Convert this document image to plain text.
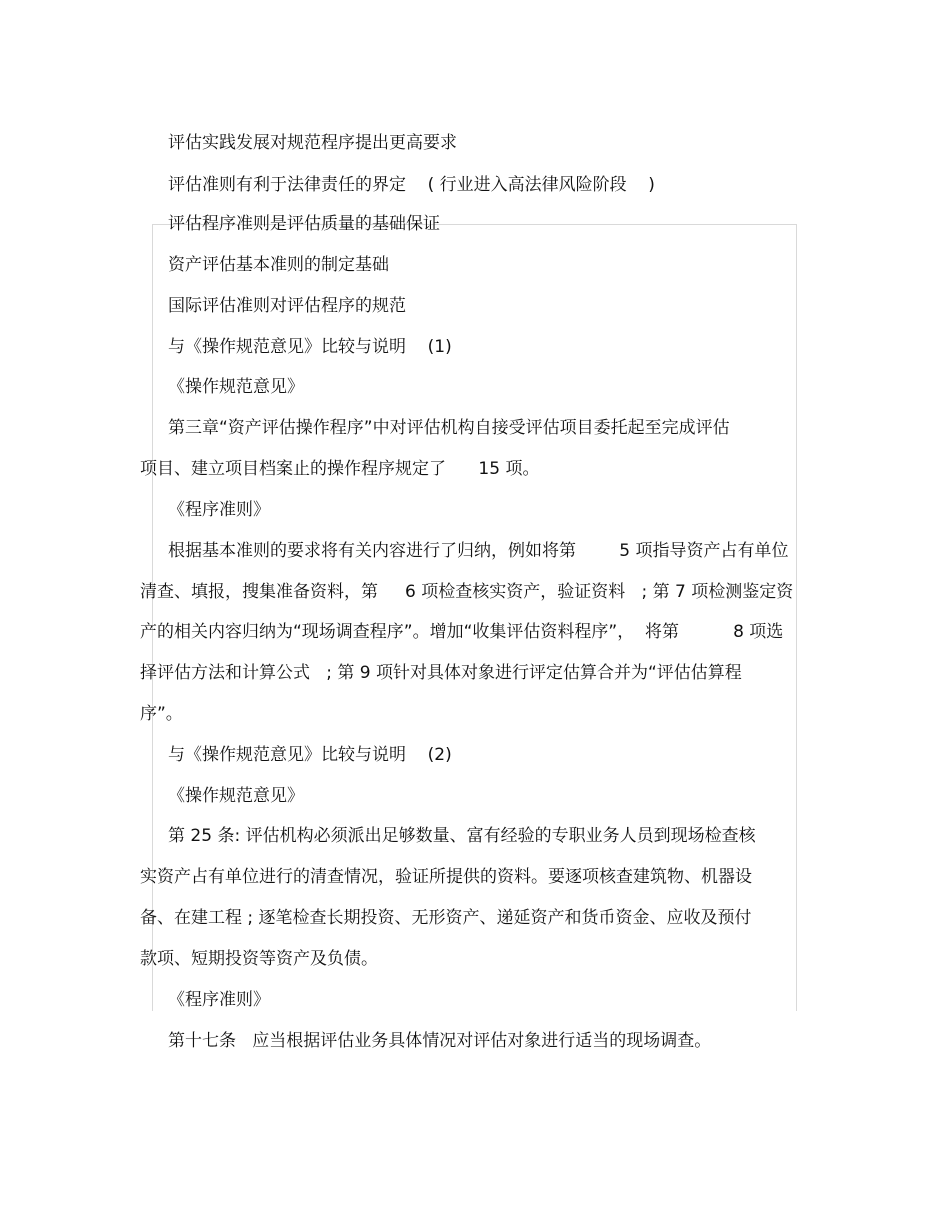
评估实践发展对规范程序提出更高要求
评估准则有利于法律责任的界定    ( 行业进入高法律风险阶段    )
评估程序准则是评估质量的基础保证
资产评估基本准则的制定基础
国际评估准则对评估程序的规范
与《操作规范意见》比较与说明    (1)
《操作规范意见》
第三章“资产评估操作程序”中对评估机构自接受评估项目委托起至完成评估
项目、建立项目档案止的操作程序规定了      15 项。
《程序准则》
根据基本准则的要求将有关内容进行了归纳，例如将第        5 项指导资产占有单位
清查、填报，搜集准备资料，第     6 项检查核实资产，验证资料   ; 第 7 项检测鉴定资
产的相关内容归纳为“现场调查程序”。增加“收集评估资料程序”，  将第          8 项选
择评估方法和计算公式   ; 第 9 项针对具体对象进行评定估算合并为“评估估算程
序”。
与《操作规范意见》比较与说明    (2)
《操作规范意见》
第 25 条: 评估机构必须派出足够数量、富有经验的专职业务人员到现场检查核
实资产占有单位进行的清查情况，验证所提供的资料。要逐项核查建筑物、机器设
备、在建工程 ; 逐笔检查长期投资、无形资产、递延资产和货币资金、应收及预付
款项、短期投资等资产及负债。
《程序准则》
第十七条   应当根据评估业务具体情况对评估对象进行适当的现场调查。
